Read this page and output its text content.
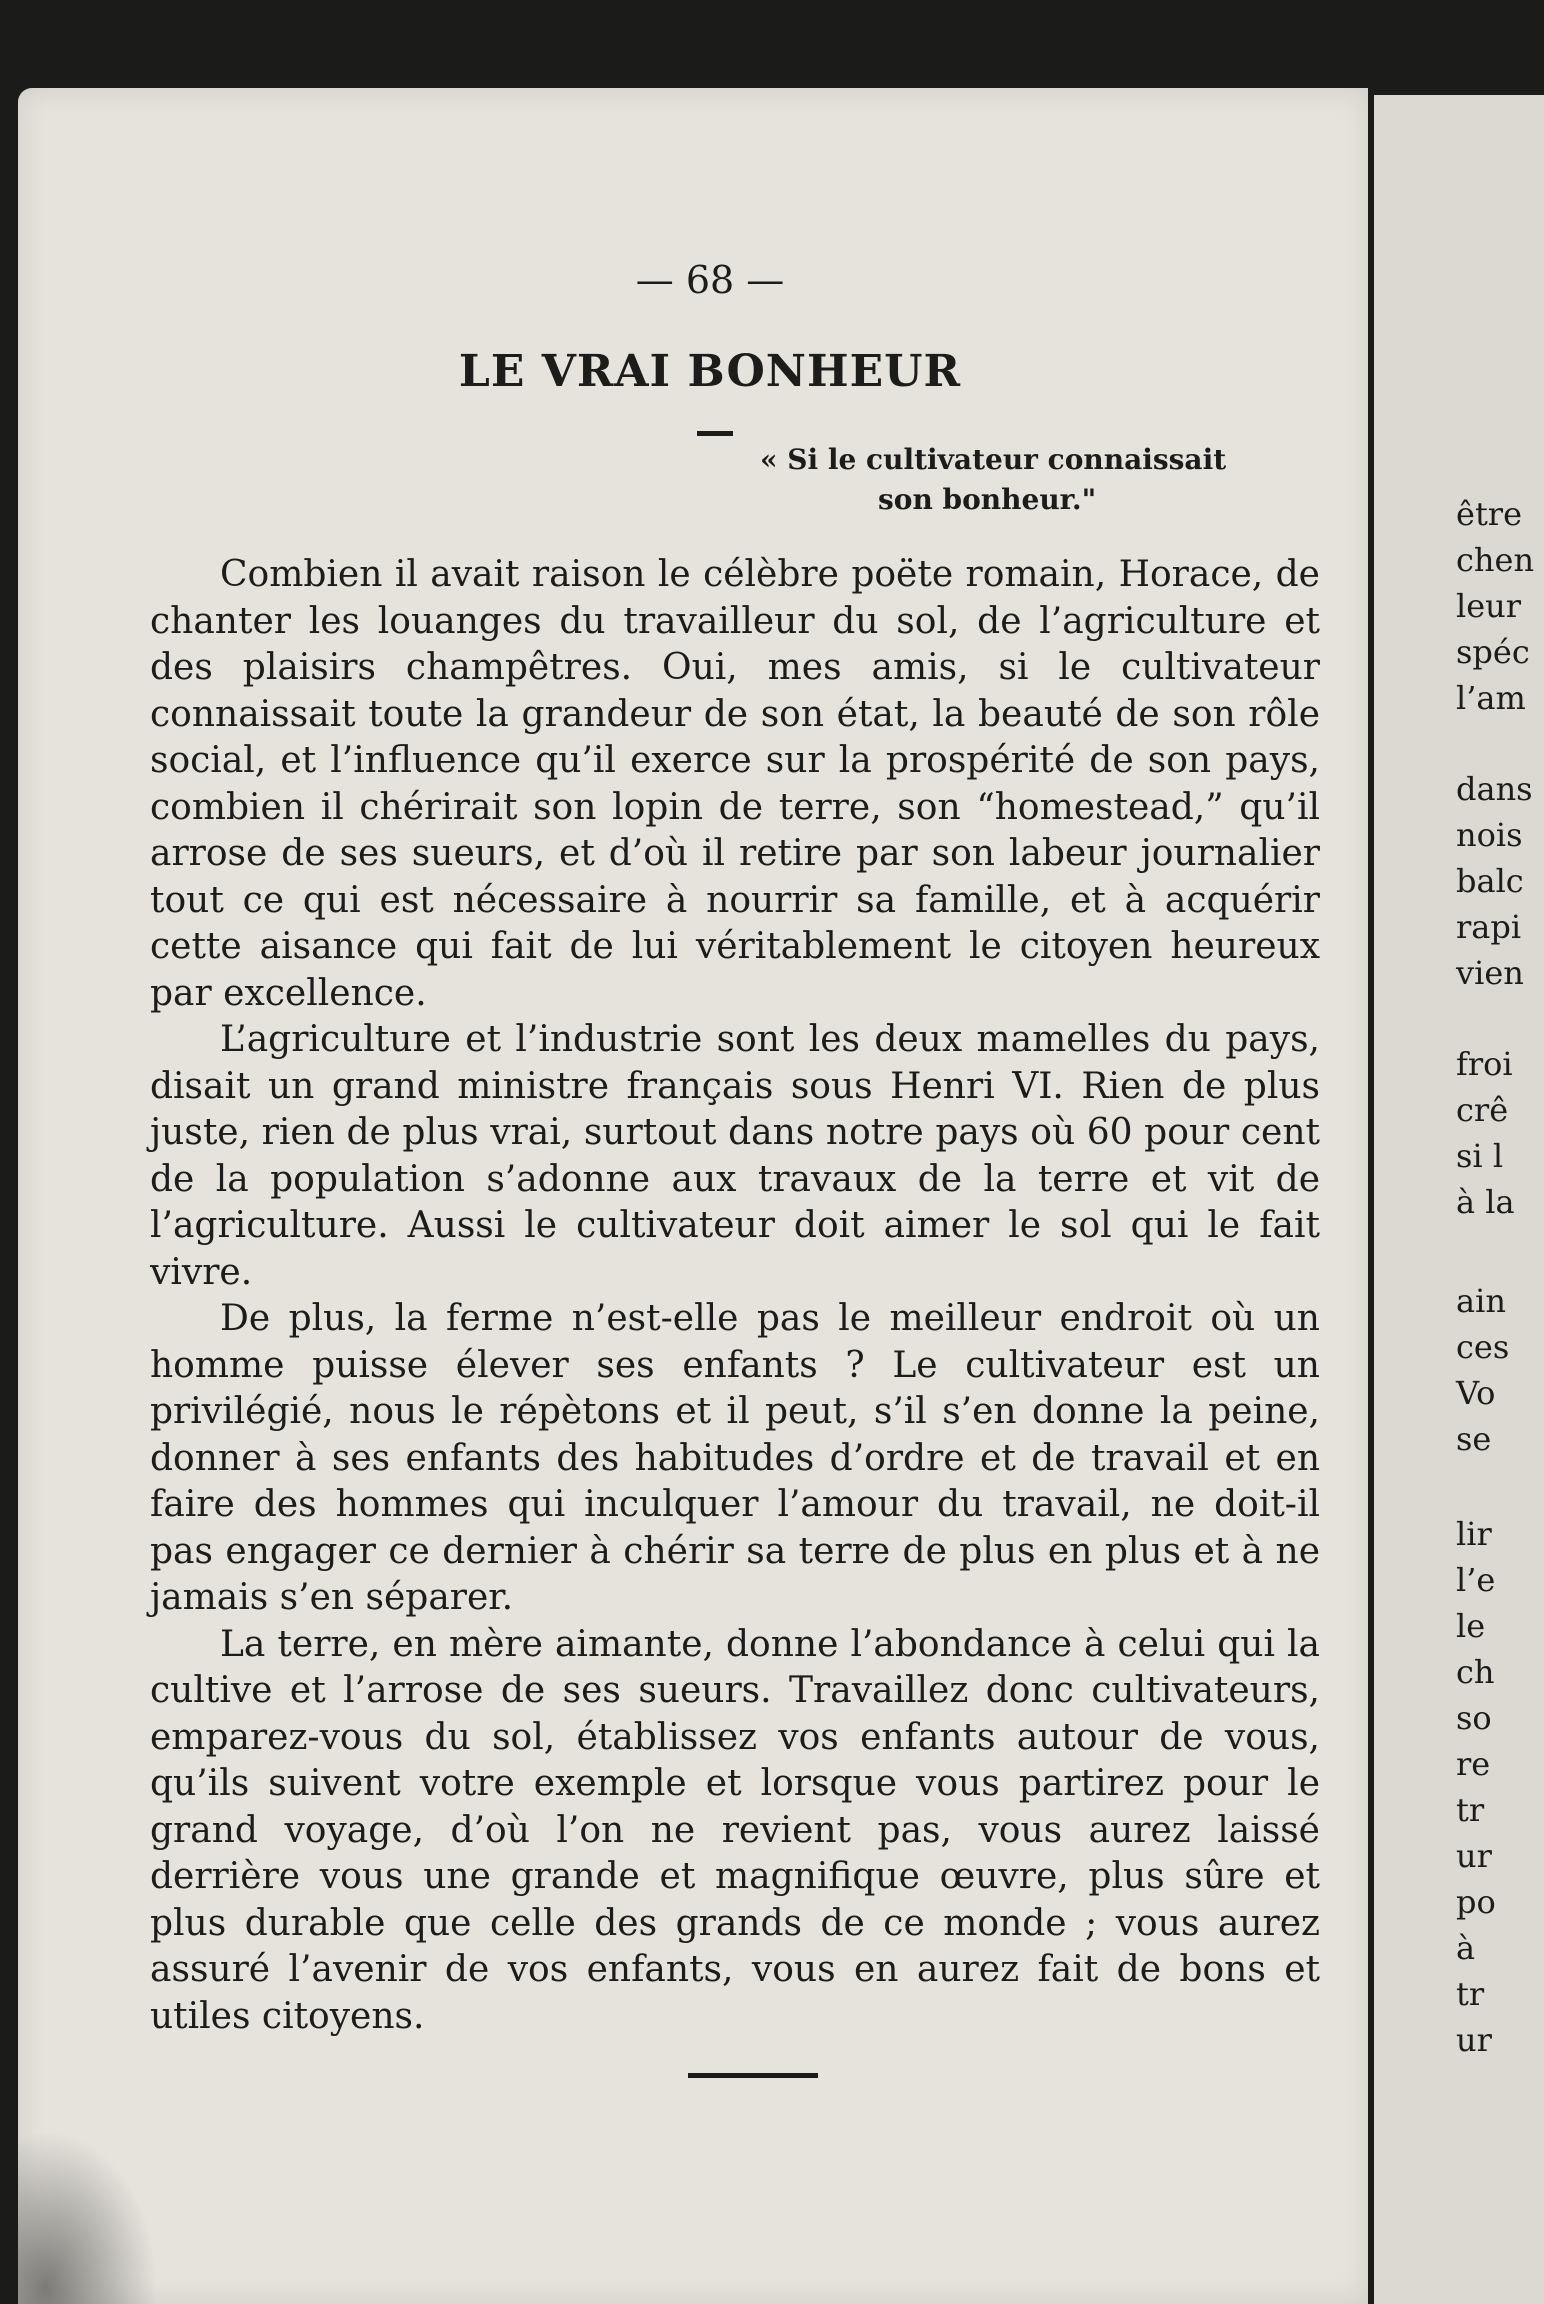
— 68 —
LE VRAI BONHEUR
« Si le cultivateur connaissait
son bonheur."

Combien il avait raison le célèbre poëte romain, Horace, de chanter les louanges du travailleur du sol, de l’agriculture et des plaisirs champêtres. Oui, mes amis, si le cultivateur connaissait toute la grandeur de son état, la beauté de son rôle social, et l’influence qu’il exerce sur la prospérité de son pays, combien il chérirait son lopin de terre, son “homestead,” qu’il arrose de ses sueurs, et d’où il retire par son labeur journalier tout ce qui est nécessaire à nourrir sa famille, et à acquérir cette aisance qui fait de lui véritablement le citoyen heureux par excellence.

L’agriculture et l’industrie sont les deux mamelles du pays, disait un grand ministre français sous Henri VI. Rien de plus juste, rien de plus vrai, surtout dans notre pays où 60 pour cent de la population s’adonne aux travaux de la terre et vit de l’agriculture. Aussi le cultivateur doit aimer le sol qui le fait vivre.

De plus, la ferme n’est-elle pas le meilleur endroit où un homme puisse élever ses enfants ? Le cultivateur est un privilégié, nous le répètons et il peut, s’il s’en donne la peine, donner à ses enfants des habitudes d’ordre et de travail et en faire des hommes qui inculquer l’amour du travail, ne doit-il pas engager ce dernier à chérir sa terre de plus en plus et à ne jamais s’en séparer.

La terre, en mère aimante, donne l’abondance à celui qui la cultive et l’arrose de ses sueurs. Travaillez donc cultivateurs, emparez-vous du sol, établissez vos enfants autour de vous, qu’ils suivent votre exemple et lorsque vous partirez pour le grand voyage, d’où l’on ne revient pas, vous aurez laissé derrière vous une grande et magnifique œuvre, plus sûre et plus durable que celle des grands de ce monde ; vous aurez assuré l’avenir de vos enfants, vous en aurez fait de bons et utiles citoyens.

être
chen
leur
spéc
l’am
dans
nois
balc
rapi
vien
froi
crê
si l
à la
ain
ces
Vo
se
lir
l’e
le
ch
so
re
tr
ur
po
à
tr
ur
